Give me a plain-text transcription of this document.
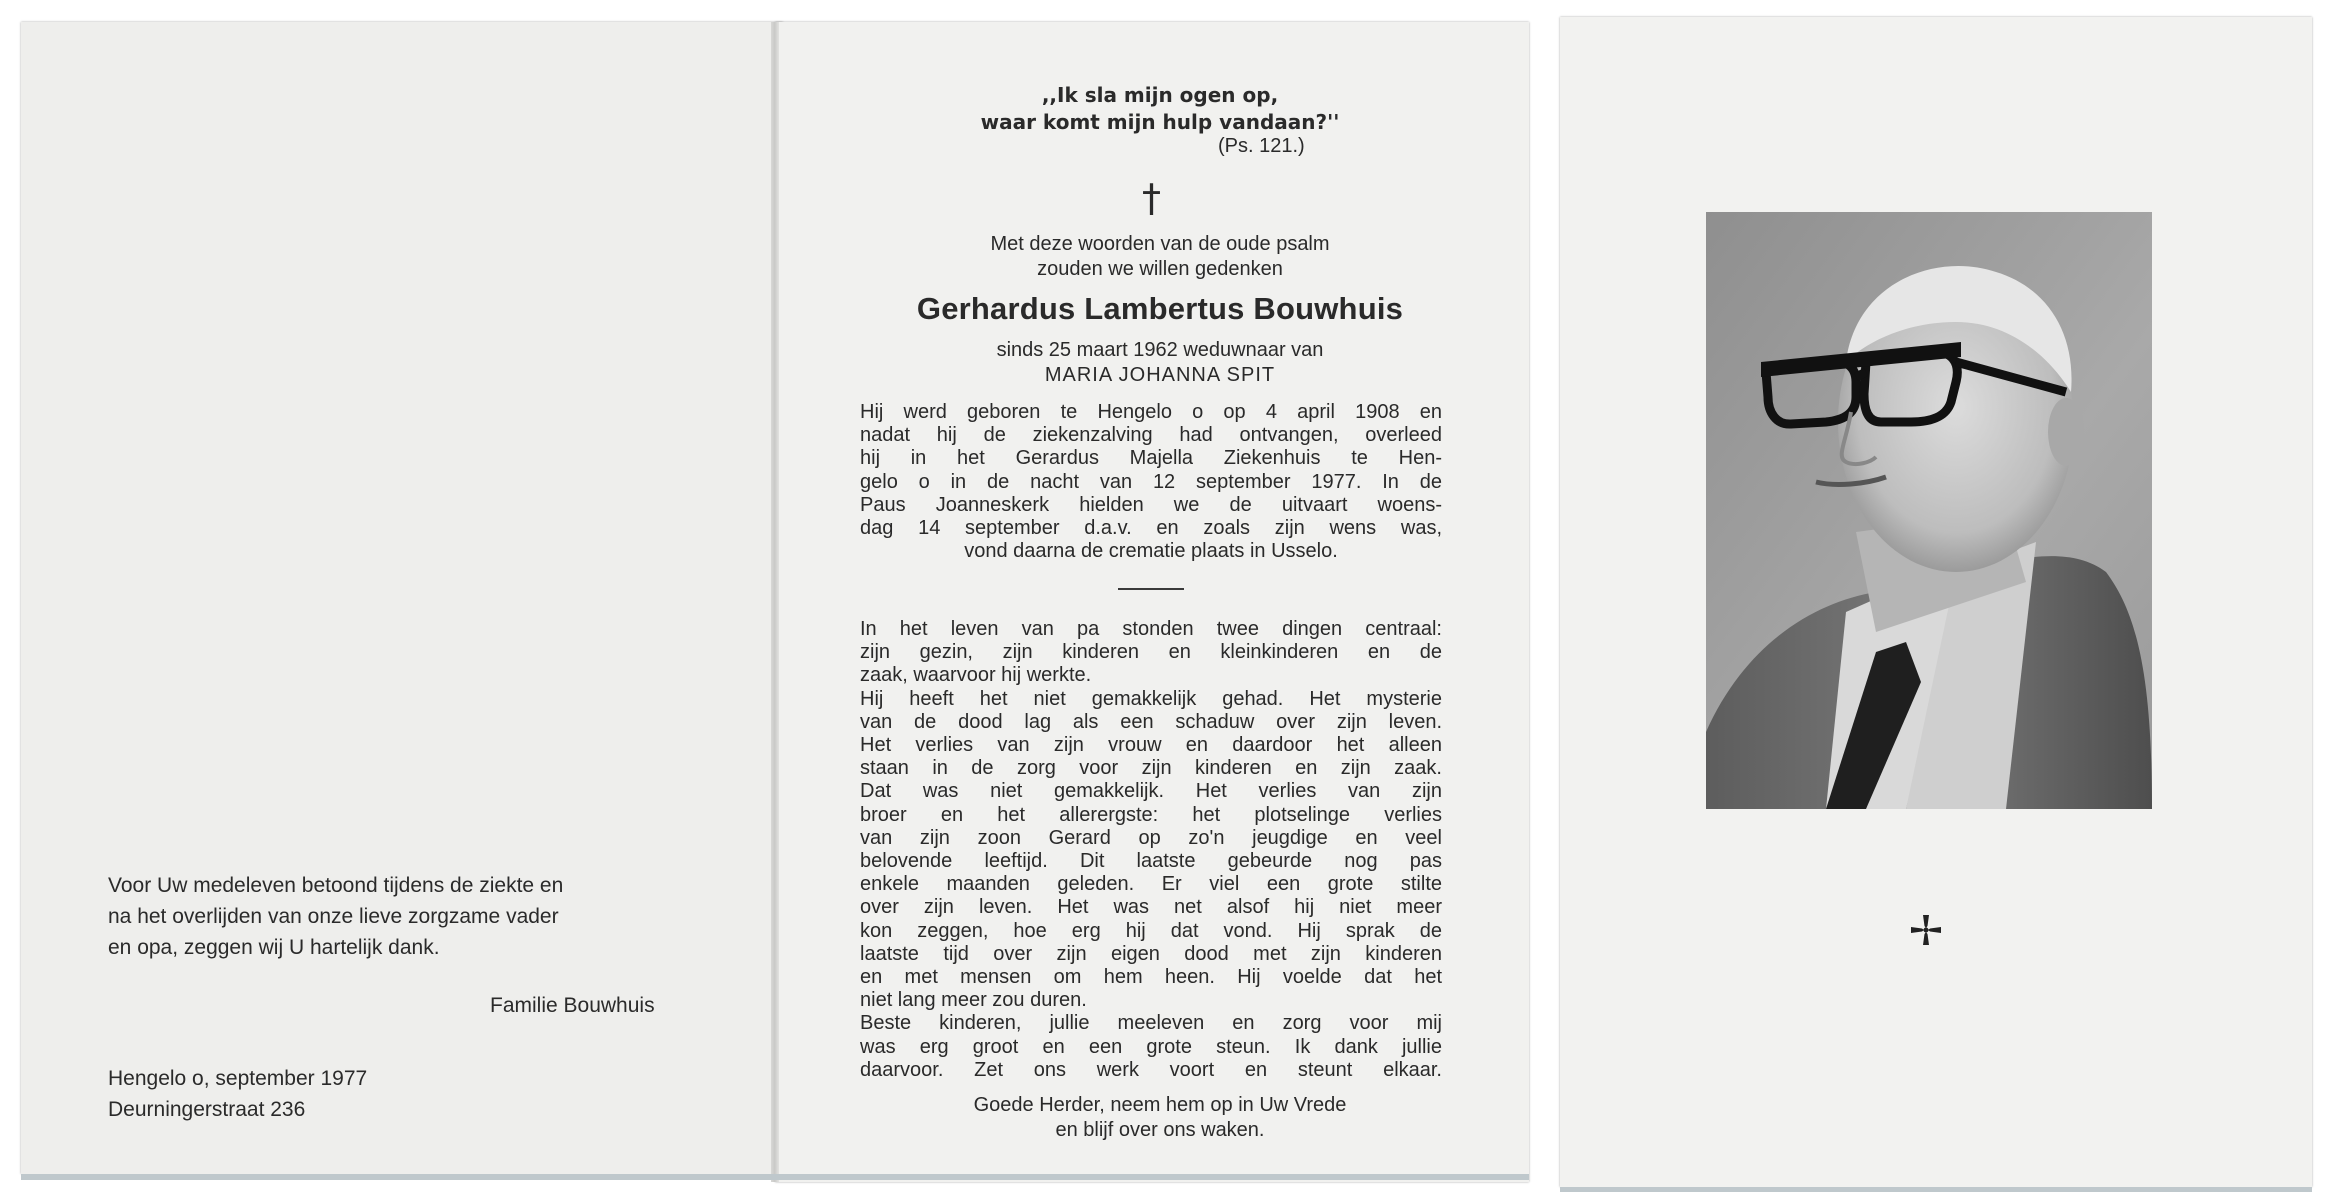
Voor Uw medeleven betoond tijdens de ziekte en
na het overlijden van onze lieve zorgzame vader
en opa, zeggen wij U hartelijk dank.
Familie Bouwhuis
Hengelo o, september 1977
Deurningerstraat 236
,,Ik sla mijn ogen op,
waar komt mijn hulp vandaan?''
(Ps. 121.)
†
Met deze woorden van de oude psalm
zouden we willen gedenken
Gerhardus Lambertus Bouwhuis
sinds 25 maart 1962 weduwnaar van
MARIA JOHANNA SPIT
Hij werd geboren te Hengelo o op 4 april 1908 en
nadat hij de ziekenzalving had ontvangen, overleed
hij in het Gerardus Majella Ziekenhuis te Hen-
gelo o in de nacht van 12 september 1977. In de
Paus Joanneskerk hielden we de uitvaart woens-
dag 14 september d.a.v. en zoals zijn wens was,
vond daarna de crematie plaats in Usselo.
In het leven van pa stonden twee dingen centraal:
zijn gezin, zijn kinderen en kleinkinderen en de
zaak, waarvoor hij werkte.
Hij heeft het niet gemakkelijk gehad. Het mysterie
van de dood lag als een schaduw over zijn leven.
Het verlies van zijn vrouw en daardoor het alleen
staan in de zorg voor zijn kinderen en zijn zaak.
Dat was niet gemakkelijk. Het verlies van zijn
broer en het allerergste: het plotselinge verlies
van zijn zoon Gerard op zo'n jeugdige en veel
belovende leeftijd. Dit laatste gebeurde nog pas
enkele maanden geleden. Er viel een grote stilte
over zijn leven. Het was net alsof hij niet meer
kon zeggen, hoe erg hij dat vond. Hij sprak de
laatste tijd over zijn eigen dood met zijn kinderen
en met mensen om hem heen. Hij voelde dat het
niet lang meer zou duren.
Beste kinderen, jullie meeleven en zorg voor mij
was erg groot en een grote steun. Ik dank jullie
daarvoor. Zet ons werk voort en steunt elkaar.
Goede Herder, neem hem op in Uw Vrede
en blijf over ons waken.
